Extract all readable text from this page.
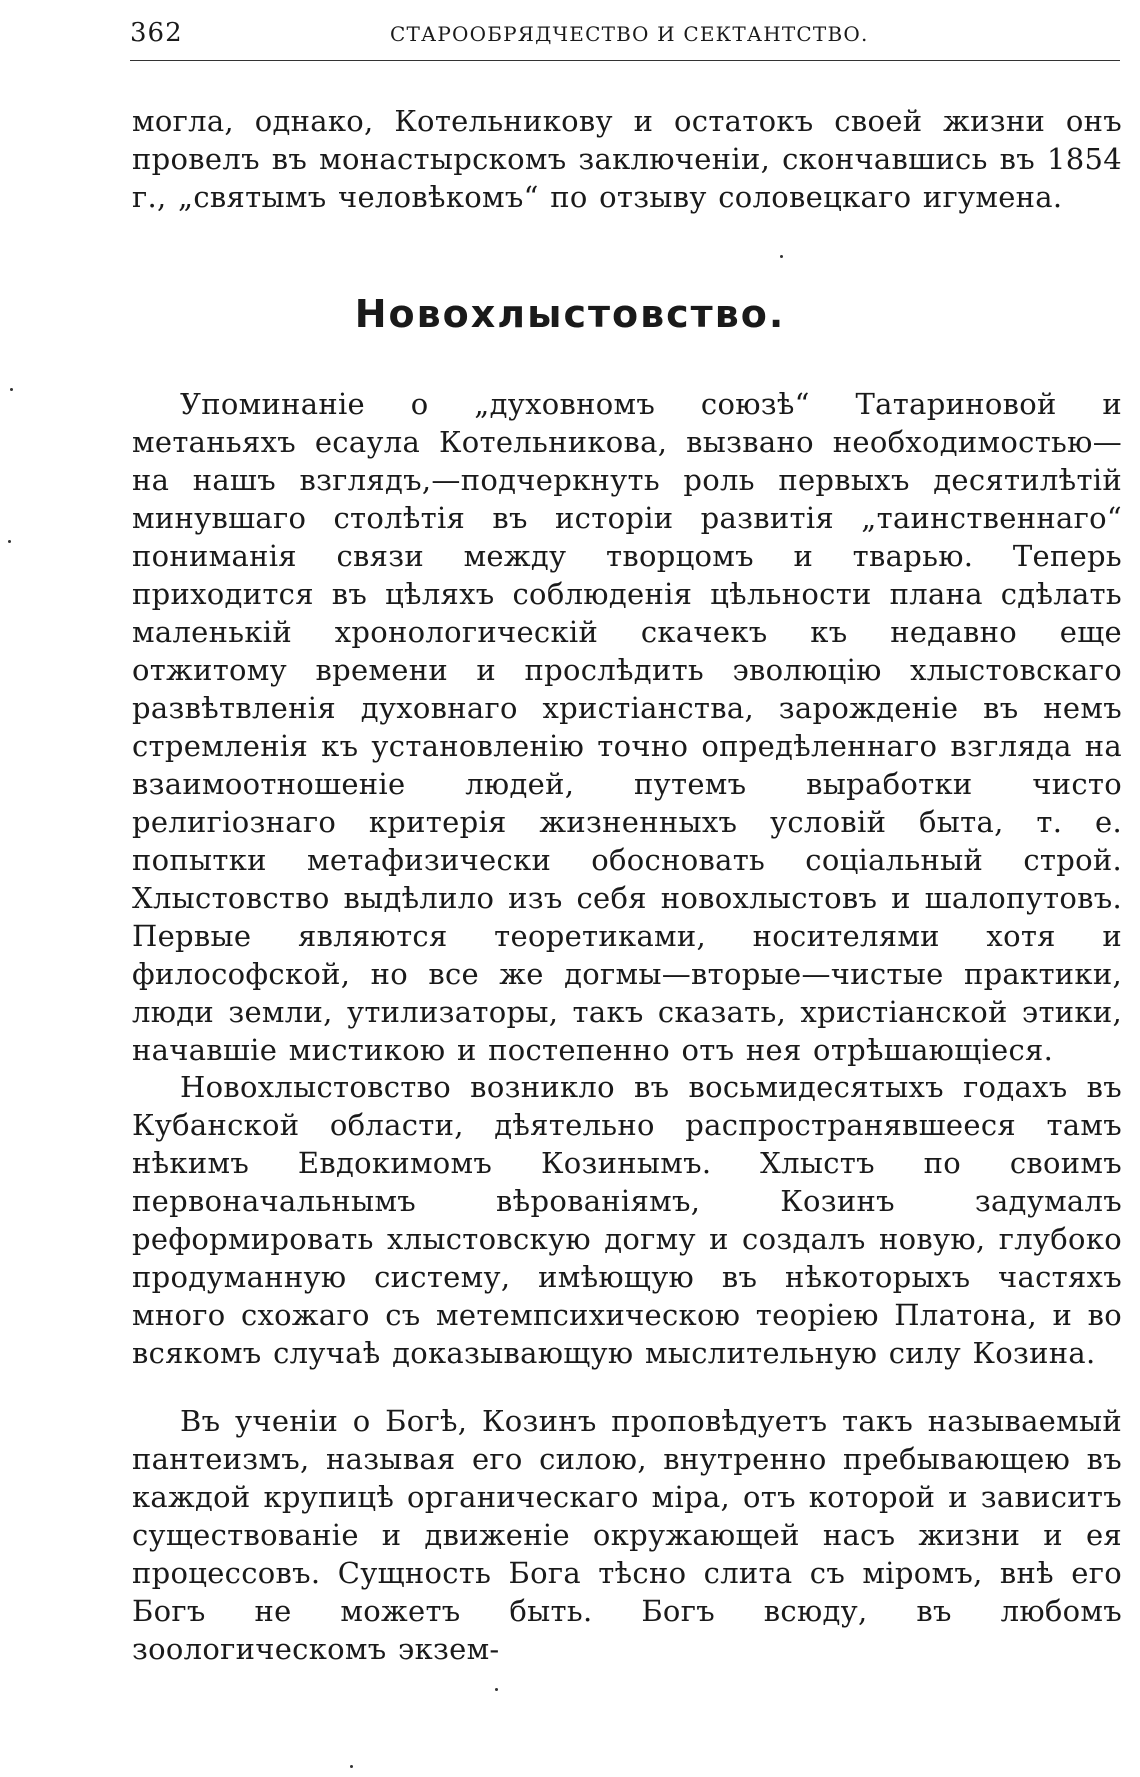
362	СТАРООБРЯДЧЕСТВО И СЕКТАНТСТВО.

могла, однако, Котельникову и остатокъ своей жизни онъ провелъ въ монастырскомъ заключеніи, скончавшись въ 1854 г., „святымъ человѣкомъ“ по отзыву соловецкаго игумена.

Новохлыстовство.

Упоминаніе о „духовномъ союзѣ“ Татариновой и метаньяхъ есаула Котельникова, вызвано необходимостью—на нашъ взглядъ,—подчеркнуть роль первыхъ десятилѣтій минувшаго столѣтія въ исторіи развитія „таинственнаго“ пониманія связи между творцомъ и тварью. Теперь приходится въ цѣляхъ соблюденія цѣльности плана сдѣлать маленькій хронологическій скачекъ къ недавно еще отжитому времени и прослѣдить эволюцію хлыстовскаго развѣтвленія духовнаго христіанства, зарожденіе въ немъ стремленія къ установленію точно опредѣленнаго взгляда на взаимоотношеніе людей, путемъ выработки чисто религіознаго критерія жизненныхъ условій быта, т. е. попытки метафизически обосновать соціальный строй. Хлыстовство выдѣлило изъ себя новохлыстовъ и шалопутовъ. Первые являются теоретиками, носителями хотя и философской, но все же догмы—вторые—чистые практики, люди земли, утилизаторы, такъ сказать, христіанской этики, начавшіе мистикою и постепенно отъ нея отрѣшающіеся.

Новохлыстовство возникло въ восьмидесятыхъ годахъ въ Кубанской области, дѣятельно распространявшееся тамъ нѣкимъ Евдокимомъ Козинымъ. Хлыстъ по своимъ первоначальнымъ вѣрованіямъ, Козинъ задумалъ реформировать хлыстовскую догму и создалъ новую, глубоко продуманную систему, имѣющую въ нѣкоторыхъ частяхъ много схожаго съ метемпсихическою теоріею Платона, и во всякомъ случаѣ доказывающую мыслительную силу Козина.

Въ ученіи о Богѣ, Козинъ проповѣдуетъ такъ называемый пантеизмъ, называя его силою, внутренно пребывающею въ каждой крупицѣ органическаго міра, отъ которой и зависитъ существованіе и движеніе окружающей насъ жизни и ея процессовъ. Сущность Бога тѣсно слита съ міромъ, внѣ его Богъ не можетъ быть. Богъ всюду, въ любомъ зоологическомъ экзем-
